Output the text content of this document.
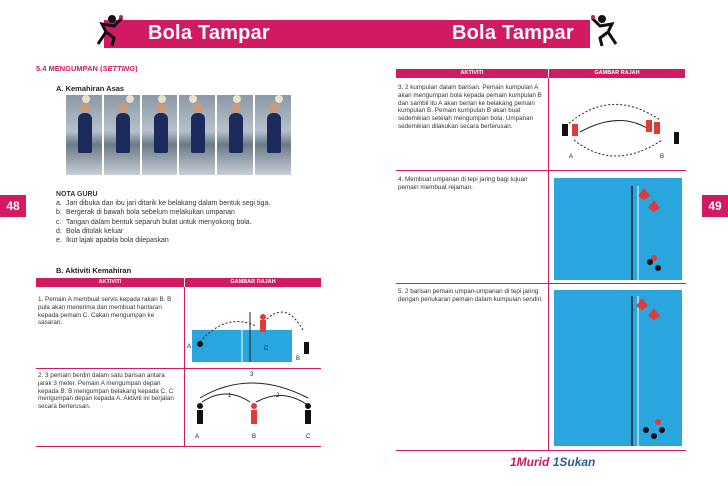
Bola Tampar
48
5.4 MENGUMPAN (SETTING)
A. Kemahiran Asas
NOTA GURU
a. Jari dibuka dan ibu jari ditarik ke belakang dalam bentuk segi tiga.
b. Bergerak di bawah bola sebelum melakukan umpanan
c. Tangan dalam bentuk separuh bulat untuk menyokong bola.
d. Bola ditolak keluar
e. Ikut lajak apabila bola dilepaskan
B. Aktiviti Kemahiran
AKTIVITI	GAMBAR RAJAH
1. Pemain A membuat servis kepada rakan B. B pula akan menerima dan membuat hantaran kepada pemain C. Cakan mengumpan ke sasaran.
2. 3 pemain berdiri dalam satu barisan antara jarak 3 meter. Pemain A mengumpan depan kepada B. B mengumpan belakang kepada C. C mengumpan depan kepada A. Aktiviti ini berjalan secara berterusan.
A	C
B
3
1	2
A	B	C
Bola Tampar
49
AKTIVITI	GAMBAR RAJAH
3. 2 kumpulan dalam barisan. Pemain kumpulan A akan mengumpan bola kepada pemain kumpulan B dan sambil itu A akan berlari ke belakang pemain kumpulan B. Pemain kumpulan B akan buat sedemikian setelah mengumpan bola. Umpanan sedemikian dilakukan secara berterusan.
4. Membuat umpanan di tepi jaring bagi tujuan pemain membuat rejaman.
5. 2 barisan pemain umpan-umpanan di tepi jaring dengan penukaran pemain dalam kumpulan sendiri.
A	B
1Murid 1Sukan
